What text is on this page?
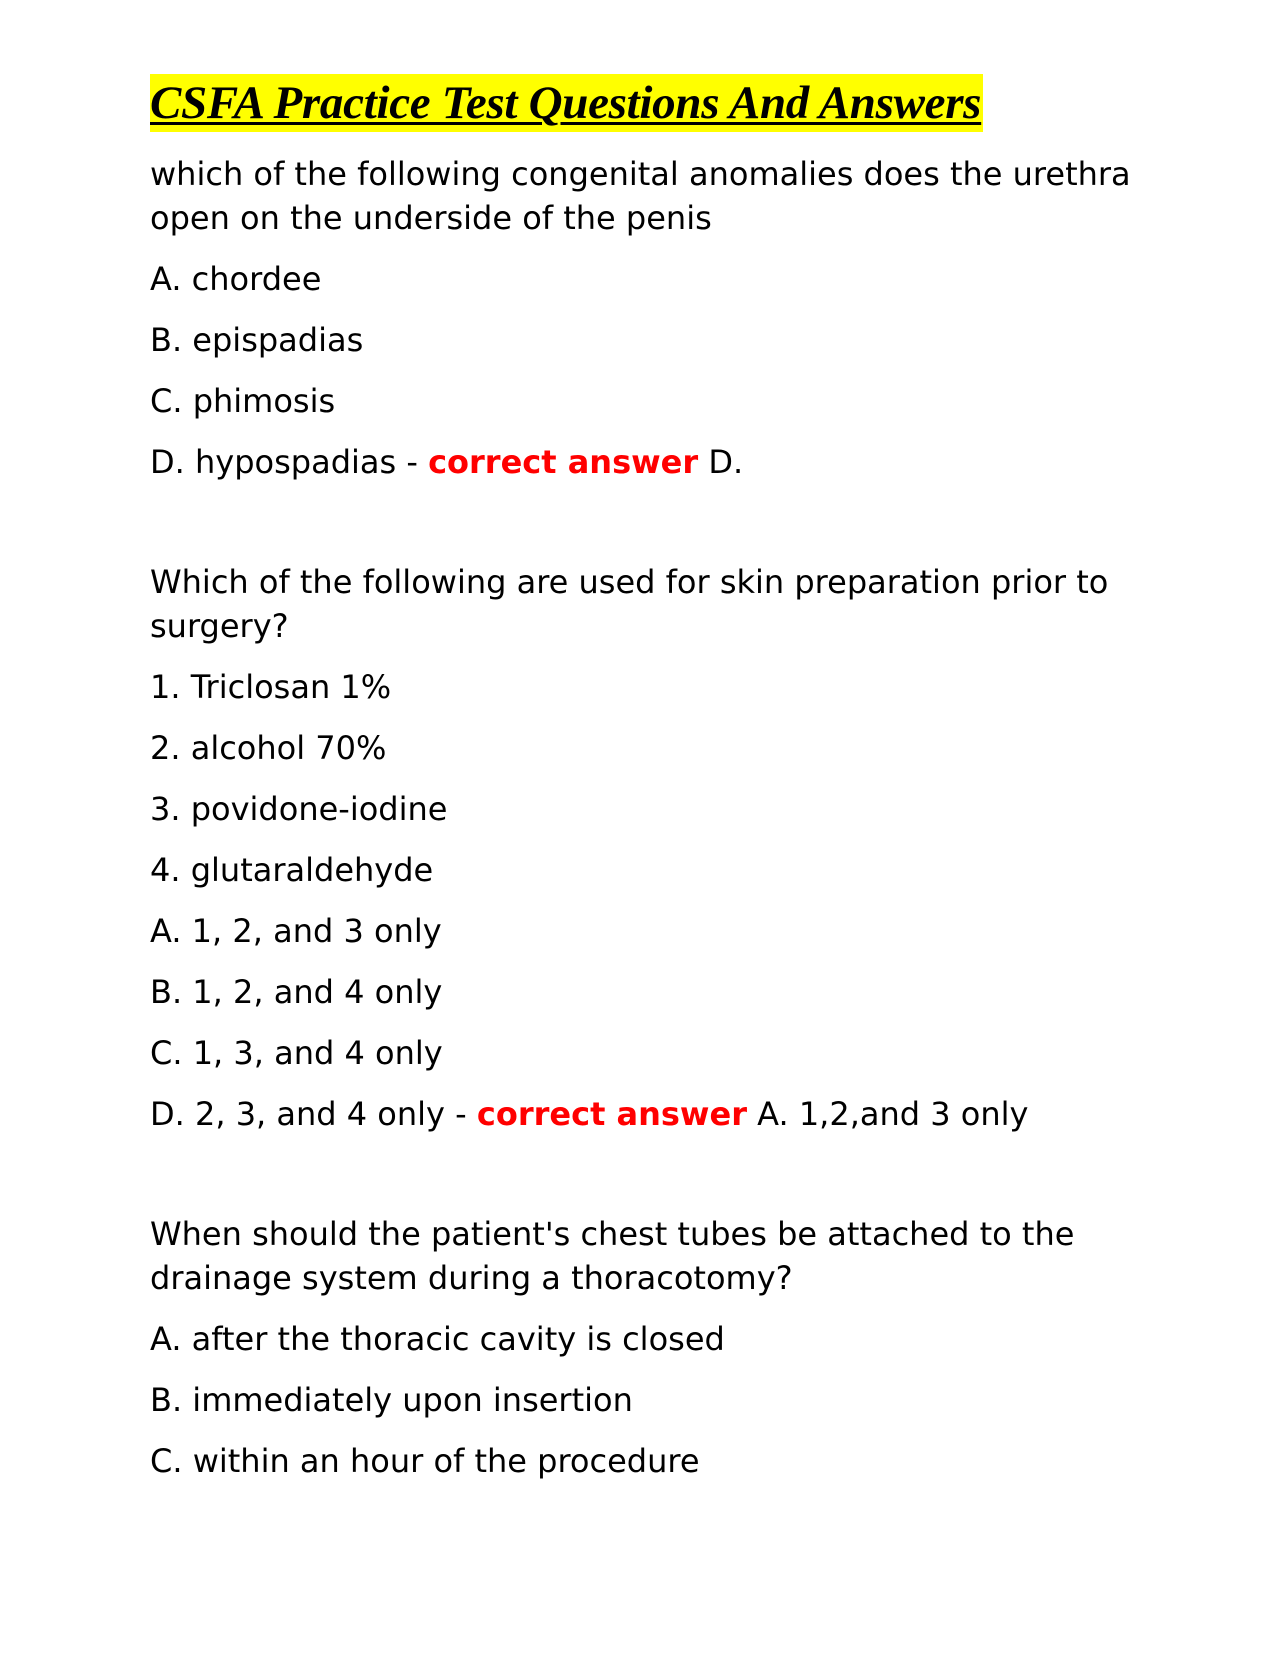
CSFA Practice Test Questions And Answers

which of the following congenital anomalies does the urethra open on the underside of the penis

A. chordee

B. epispadias

C. phimosis

D. hypospadias - correct answer D.

Which of the following are used for skin preparation prior to surgery?

1. Triclosan 1%

2. alcohol 70%

3. povidone-iodine

4. glutaraldehyde

A. 1, 2, and 3 only

B. 1, 2, and 4 only

C. 1, 3, and 4 only

D. 2, 3, and 4 only - correct answer A. 1,2,and 3 only

When should the patient's chest tubes be attached to the drainage system during a thoracotomy?

A. after the thoracic cavity is closed

B. immediately upon insertion

C. within an hour of the procedure
